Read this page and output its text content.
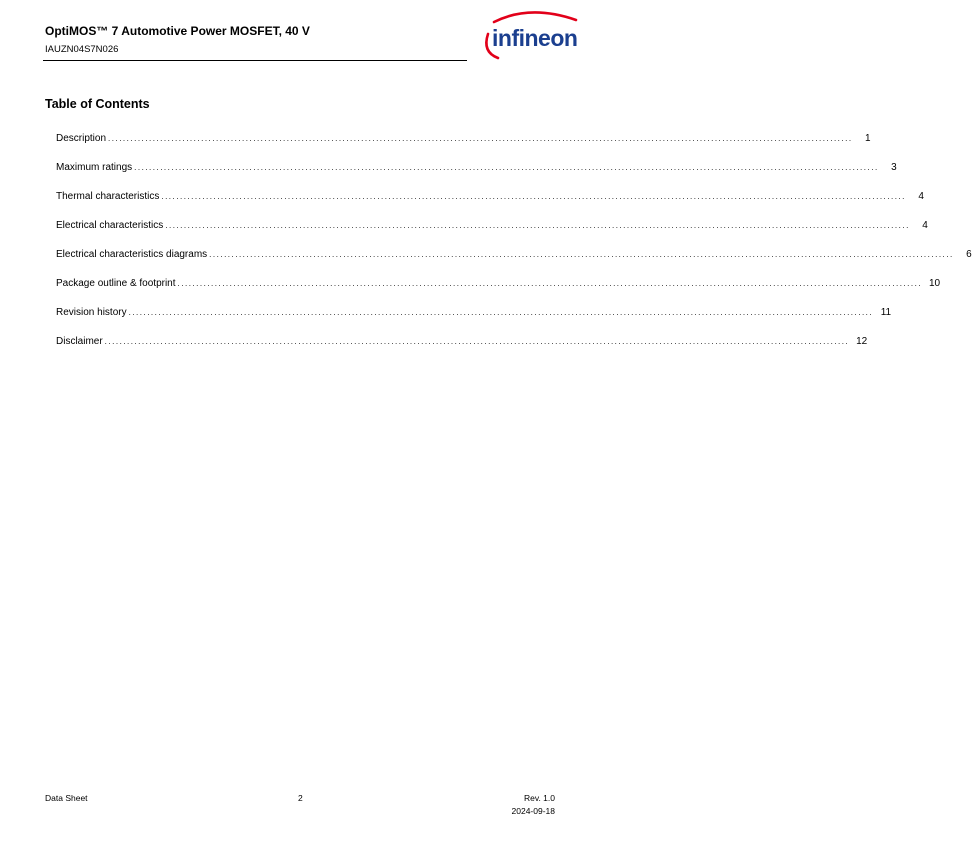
OptiMOS™ 7 Automotive Power MOSFET, 40 V
IAUZN04S7N026	infineon
Table of Contents
Description ........................................................................................................................................................................................................	1
Maximum ratings ........................................................................................................................................................................................................	3
Thermal characteristics ........................................................................................................................................................................................................	4
Electrical characteristics ........................................................................................................................................................................................................	4
Electrical characteristics diagrams ........................................................................................................................................................................................................	6
Package outline & footprint ........................................................................................................................................................................................................ 10
Revision history ........................................................................................................................................................................................................ 11
Disclaimer ........................................................................................................................................................................................................ 12
Data Sheet	2	Rev. 1.0
2024-09-18
